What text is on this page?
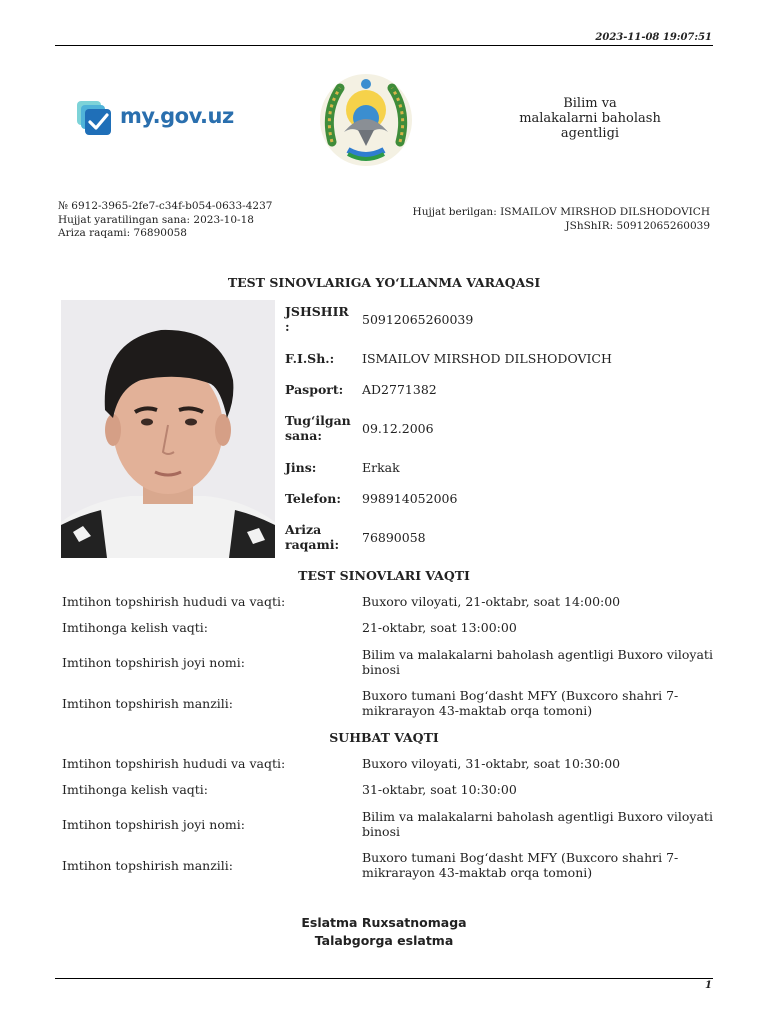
2023-11-08 19:07:51
my.gov.uz
Bilim va
malakalarni baholash
agentligi
№ 6912-3965-2fe7-c34f-b054-0633-4237
Hujjat yaratilingan sana: 2023-10-18
Ariza raqami: 76890058
Hujjat berilgan: ISMAILOV MIRSHOD DILSHODOVICH
JShShIR: 50912065260039
TEST SINOVLARIGA YO‘LLANMA VARAQASI
JSHSHIR :	50912065260039
F.I.Sh.:	ISMAILOV MIRSHOD DILSHODOVICH
Pasport:	AD2771382
Tug‘ilgan sana:	09.12.2006
Jins:	Erkak
Telefon:	998914052006
Ariza raqami:	76890058
TEST SINOVLARI VAQTI
Imtihon topshirish hududi va vaqti:	Buxoro viloyati, 21-oktabr, soat 14:00:00
Imtihonga kelish vaqti:	21-oktabr, soat 13:00:00
Imtihon topshirish joyi nomi:
Bilim va malakalarni baholash agentligi Buxoro viloyati binosi
Imtihon topshirish manzili:
Buxoro tumani Bog‘dasht MFY (Buxcoro shahri 7-mikrarayon 43-maktab orqa tomoni)
SUHBAT VAQTI
Imtihon topshirish hududi va vaqti:	Buxoro viloyati, 31-oktabr, soat 10:30:00
Imtihonga kelish vaqti:	31-oktabr, soat 10:30:00
Imtihon topshirish joyi nomi:
Bilim va malakalarni baholash agentligi Buxoro viloyati binosi
Imtihon topshirish manzili:
Buxoro tumani Bog‘dasht MFY (Buxcoro shahri 7-mikrarayon 43-maktab orqa tomoni)
Eslatma Ruxsatnomaga
Talabgorga eslatma
1
